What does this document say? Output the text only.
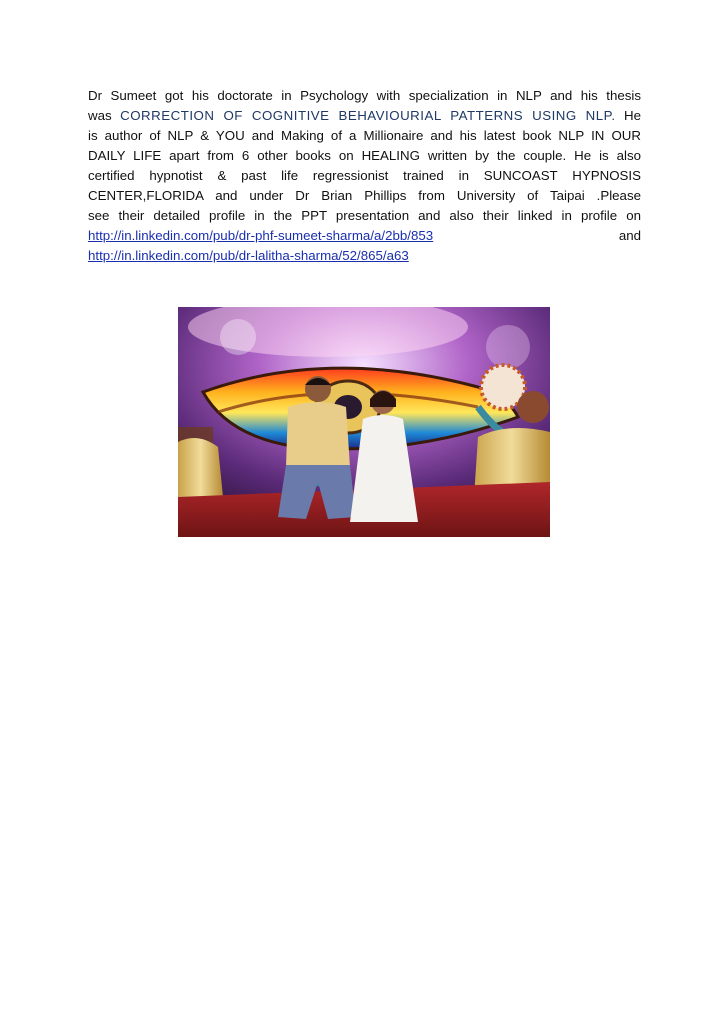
Dr Sumeet got his doctorate in Psychology with specialization in NLP and his thesis
was CORRECTION OF COGNITIVE BEHAVIOURIAL PATTERNS USING NLP. He
is author of NLP & YOU and Making of a Millionaire and his latest book NLP IN OUR
DAILY LIFE apart from 6 other books on HEALING written by the couple. He is also
certified hypnotist & past life regressionist trained in SUNCOAST HYPNOSIS
CENTER,FLORIDA and under Dr Brian Phillips from University of Taipai .Please
see their detailed profile in the PPT presentation and also their linked in profile on
http://in.linkedin.com/pub/dr-phf-sumeet-sharma/a/2bb/853	and
http://in.linkedin.com/pub/dr-lalitha-sharma/52/865/a63
